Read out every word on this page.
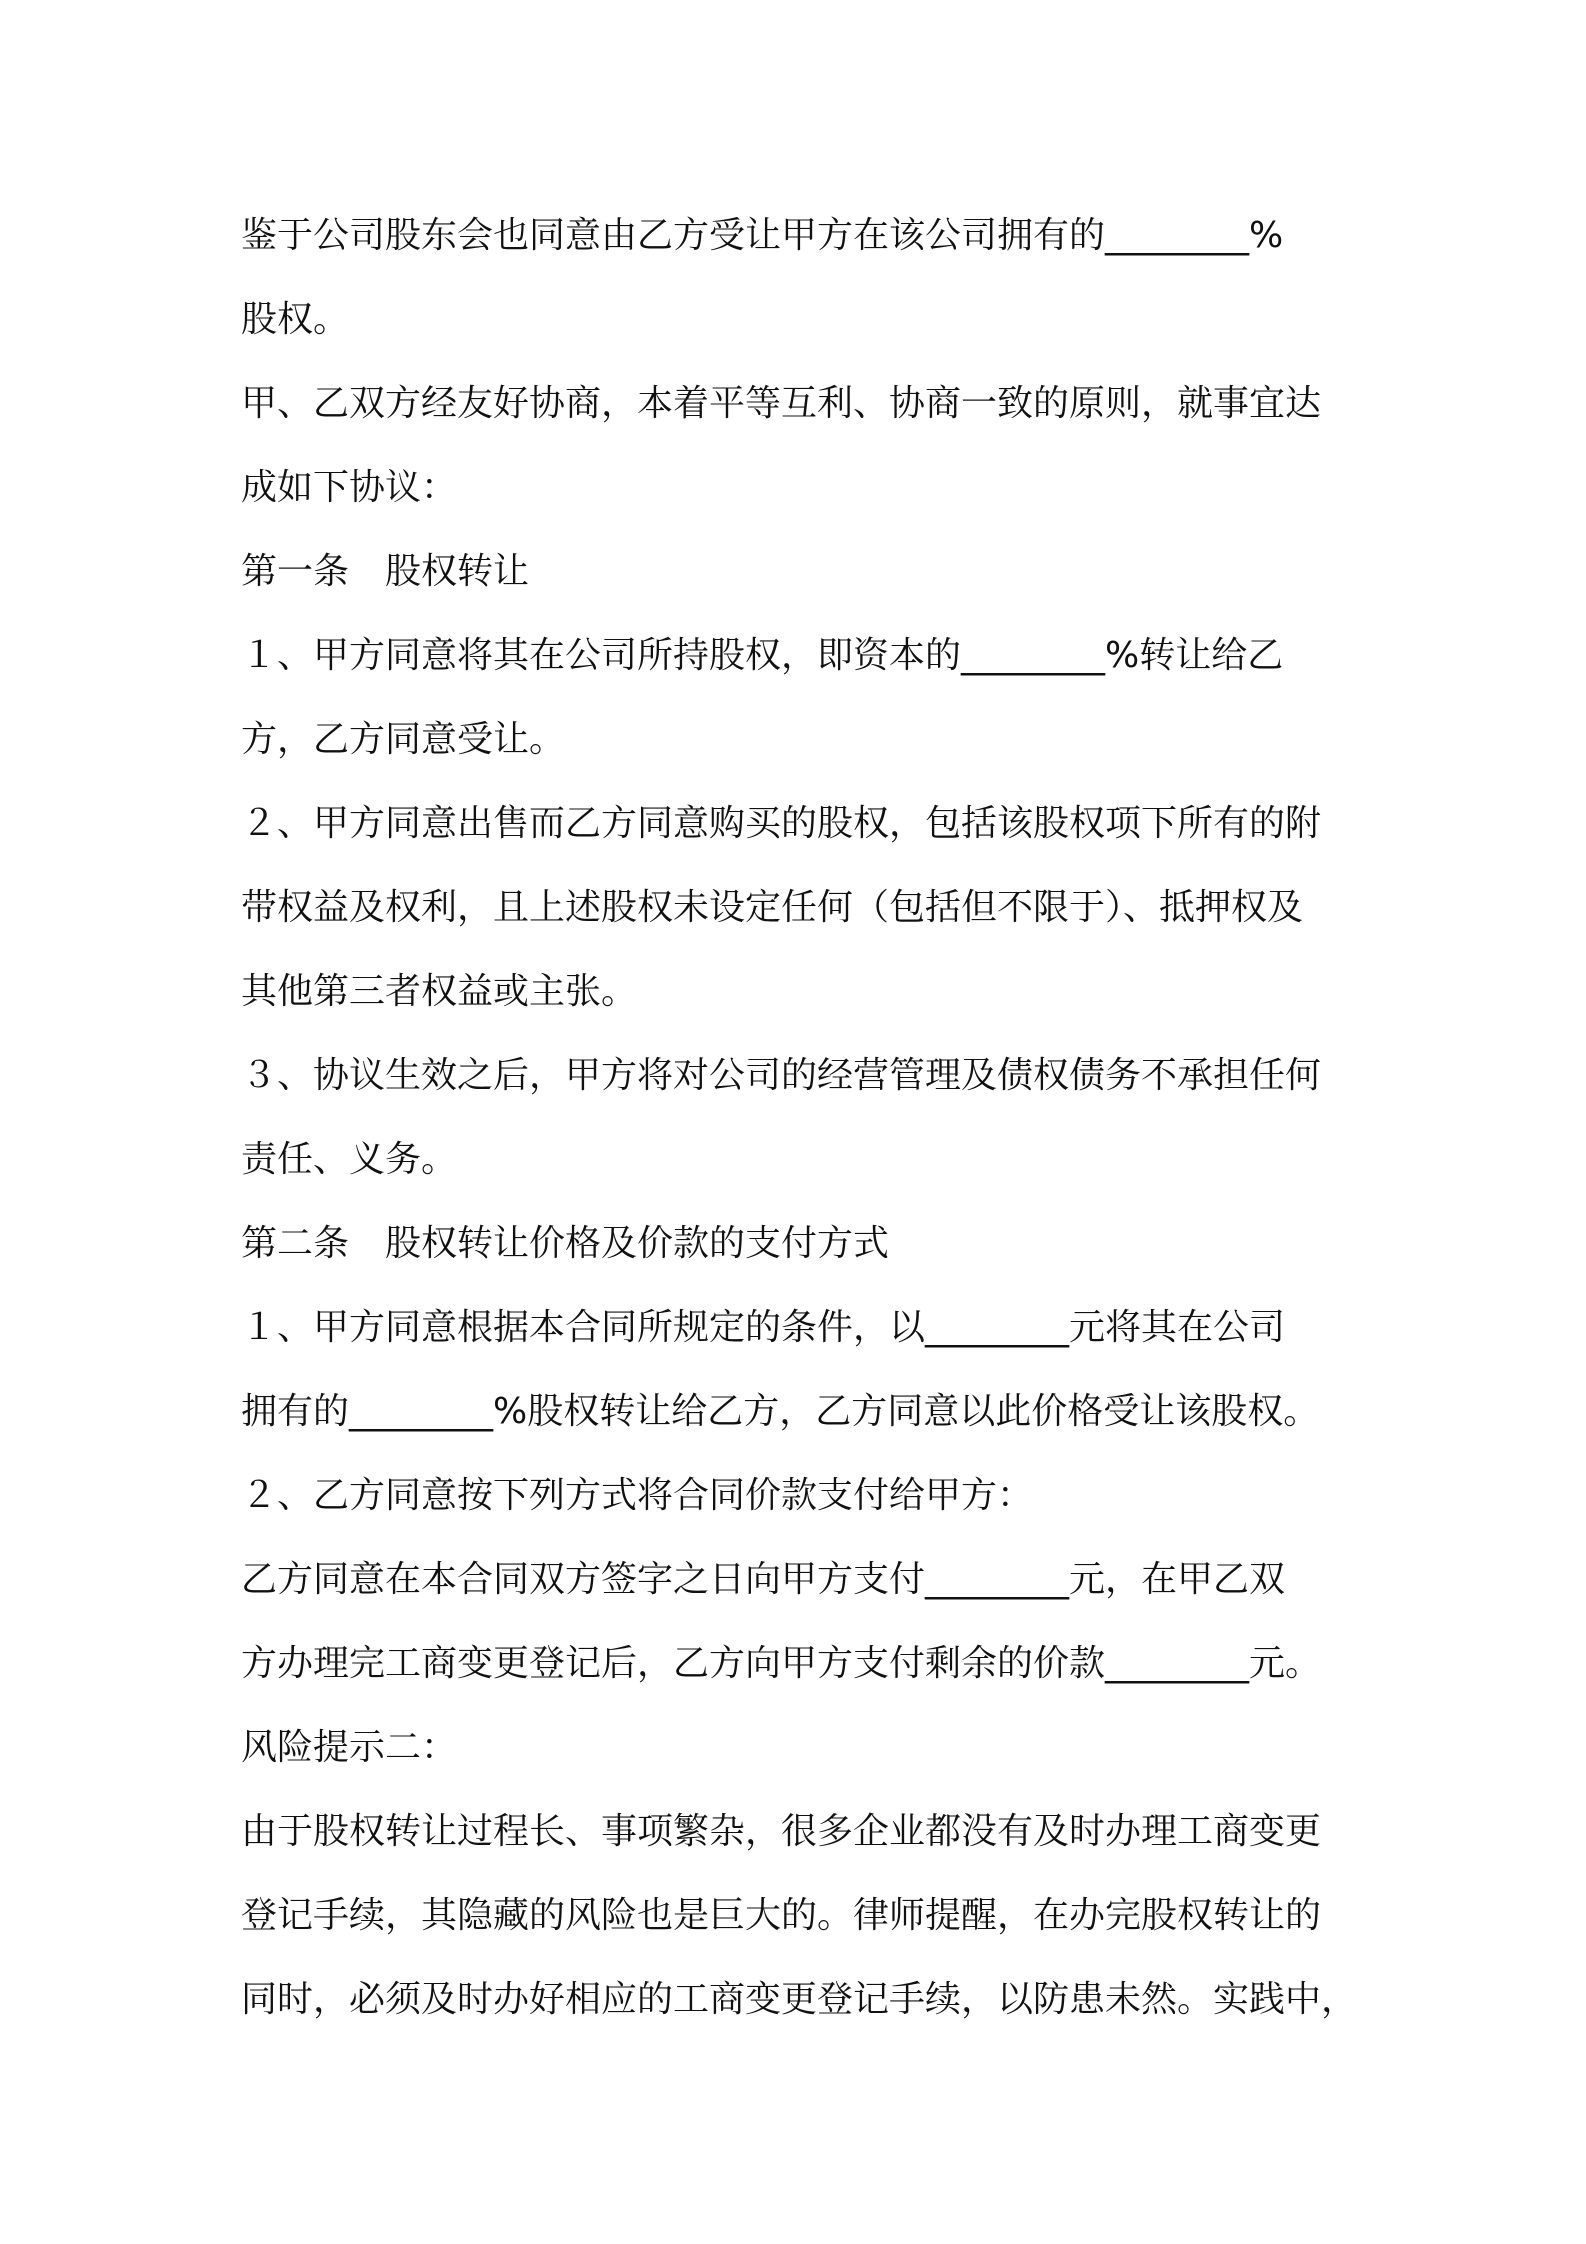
鉴于公司股东会也同意由乙方受让甲方在该公司拥有的________%
股权。
甲、乙双方经友好协商，本着平等互利、协商一致的原则，就事宜达
成如下协议：
第一条　股权转让
１、甲方同意将其在公司所持股权，即资本的________%转让给乙
方，乙方同意受让。
２、甲方同意出售而乙方同意购买的股权，包括该股权项下所有的附
带权益及权利，且上述股权未设定任何（包括但不限于）、抵押权及
其他第三者权益或主张。
３、协议生效之后，甲方将对公司的经营管理及债权债务不承担任何
责任、义务。
第二条　股权转让价格及价款的支付方式
１、甲方同意根据本合同所规定的条件，以________元将其在公司
拥有的________%股权转让给乙方，乙方同意以此价格受让该股权。
２、乙方同意按下列方式将合同价款支付给甲方：
乙方同意在本合同双方签字之日向甲方支付________元，在甲乙双
方办理完工商变更登记后，乙方向甲方支付剩余的价款________元。
风险提示二：
由于股权转让过程长、事项繁杂，很多企业都没有及时办理工商变更
登记手续，其隐藏的风险也是巨大的。律师提醒，在办完股权转让的
同时，必须及时办好相应的工商变更登记手续，以防患未然。实践中，
